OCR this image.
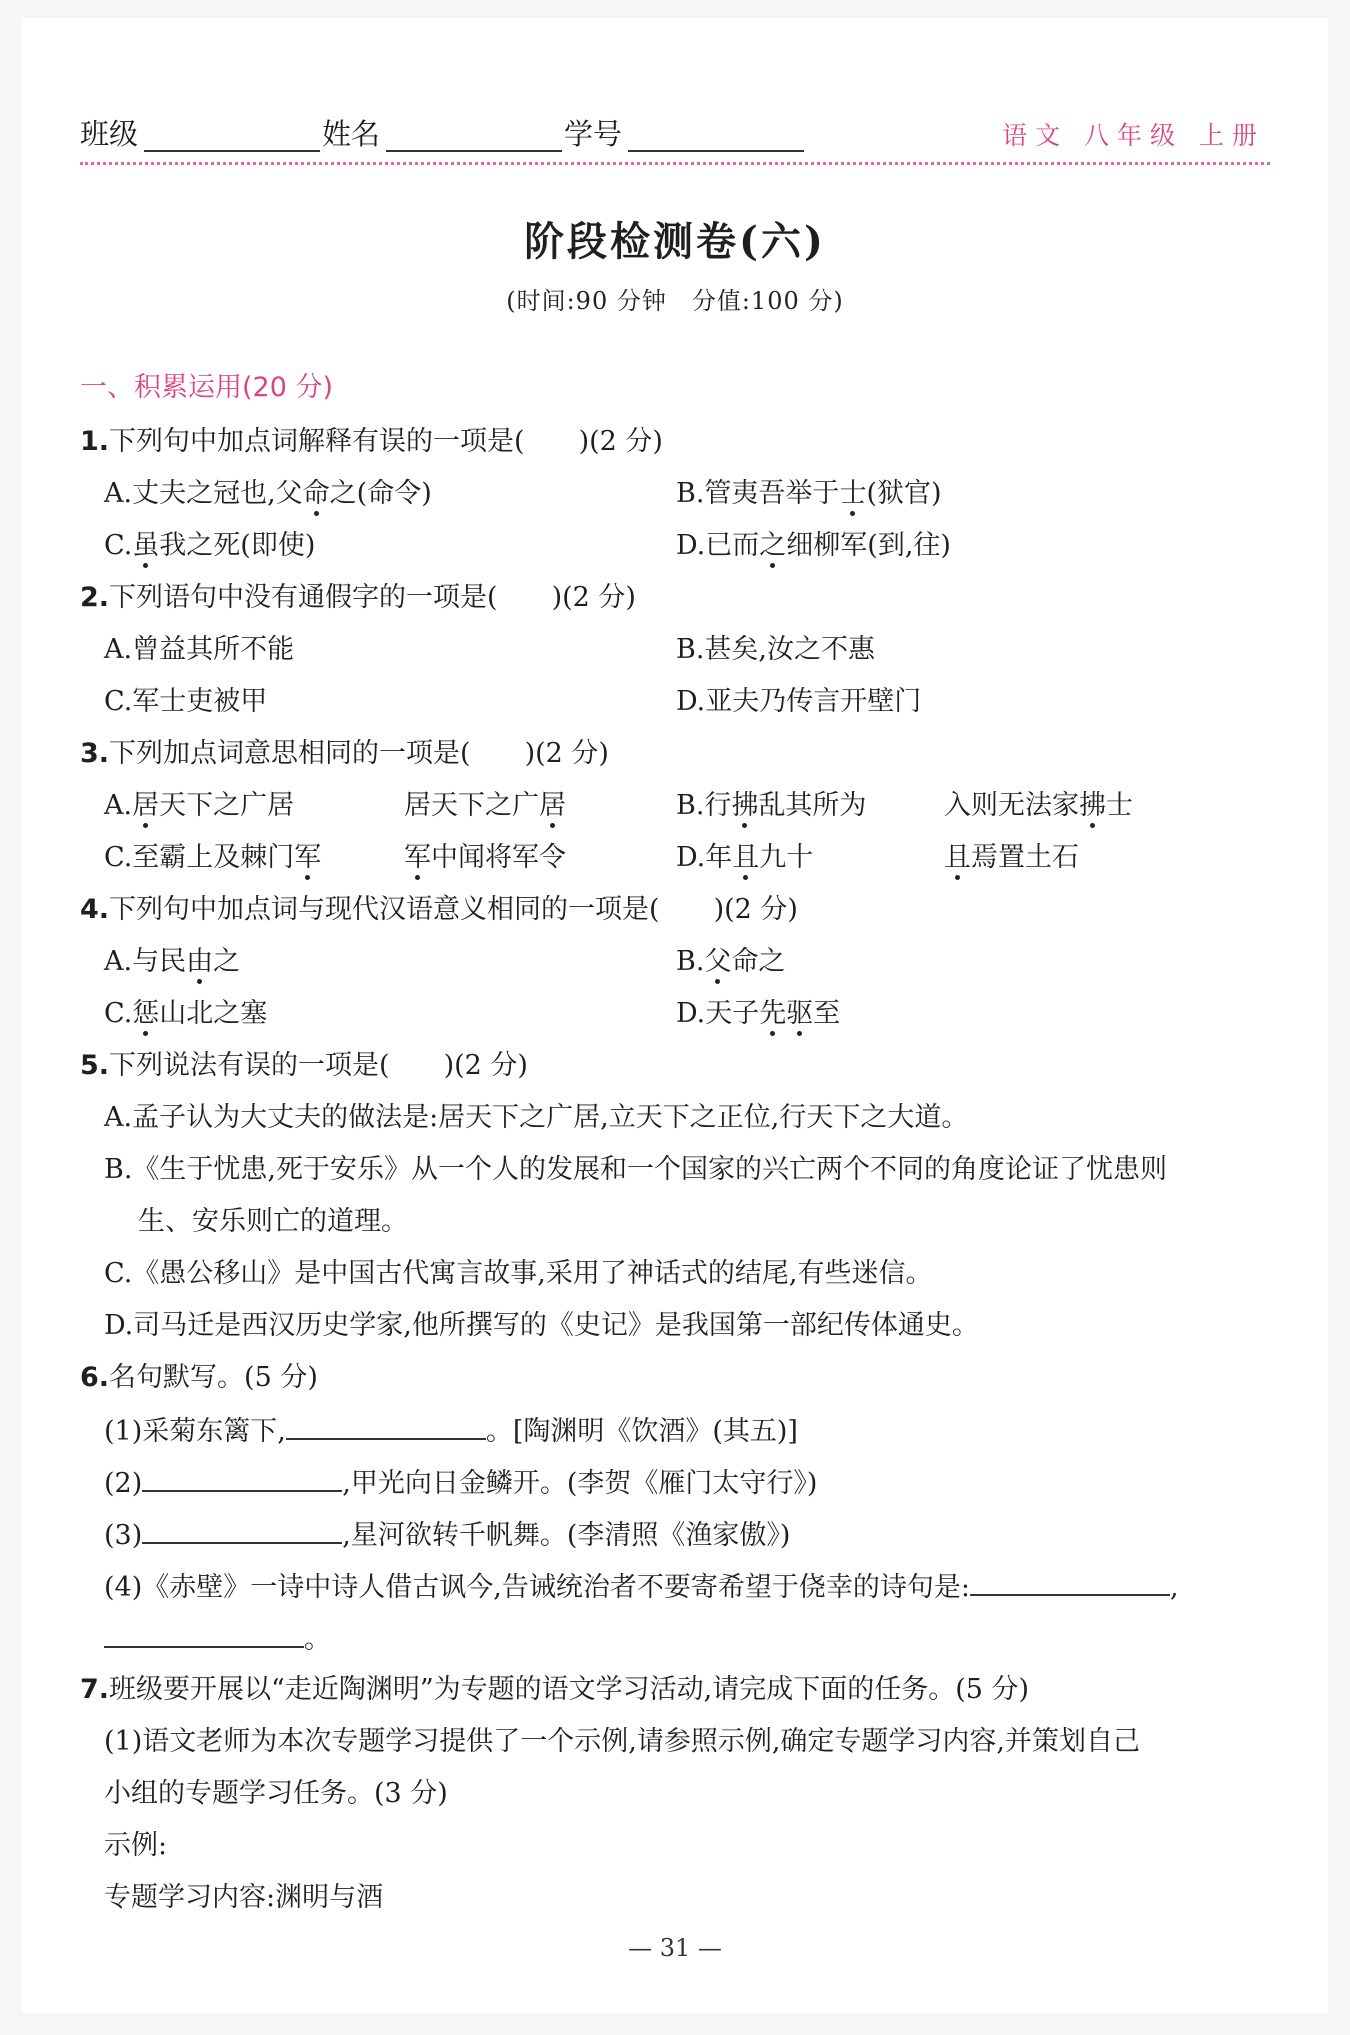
班级	姓名	学号	语文 八年级 上册
阶段检测卷(六)
(时间:90 分钟　分值:100 分)
一、积累运用(20 分)
1.下列句中加点词解释有误的一项是(　　)(2 分)
A.丈夫之冠也,父命之(命令)	B.管夷吾举于士(狱官)
C.虽我之死(即使)	D.已而之细柳军(到,往)
2.下列语句中没有通假字的一项是(　　)(2 分)
A.曾益其所不能	B.甚矣,汝之不惠
C.军士吏被甲	D.亚夫乃传言开壁门
3.下列加点词意思相同的一项是(　　)(2 分)
A.居天下之广居	居天下之广居	B.行拂乱其所为	入则无法家拂士
C.至霸上及棘门军	军中闻将军令	D.年且九十	且焉置土石
4.下列句中加点词与现代汉语意义相同的一项是(　　)(2 分)
A.与民由之	B.父命之
C.惩山北之塞	D.天子先驱至
5.下列说法有误的一项是(　　)(2 分)
A.孟子认为大丈夫的做法是:居天下之广居,立天下之正位,行天下之大道。
B.《生于忧患,死于安乐》从一个人的发展和一个国家的兴亡两个不同的角度论证了忧患则
生、安乐则亡的道理。
C.《愚公移山》是中国古代寓言故事,采用了神话式的结尾,有些迷信。
D.司马迁是西汉历史学家,他所撰写的《史记》是我国第一部纪传体通史。
6.名句默写。(5 分)
(1)采菊东篱下,	。[陶渊明《饮酒》(其五)]
(2)	,甲光向日金鳞开。(李贺《雁门太守行》)
(3)	,星河欲转千帆舞。(李清照《渔家傲》)
(4)《赤壁》一诗中诗人借古讽今,告诫统治者不要寄希望于侥幸的诗句是:	,
。
7.班级要开展以“走近陶渊明”为专题的语文学习活动,请完成下面的任务。(5 分)
(1)语文老师为本次专题学习提供了一个示例,请参照示例,确定专题学习内容,并策划自己
小组的专题学习任务。(3 分)
示例:
专题学习内容:渊明与酒
— 31 —
